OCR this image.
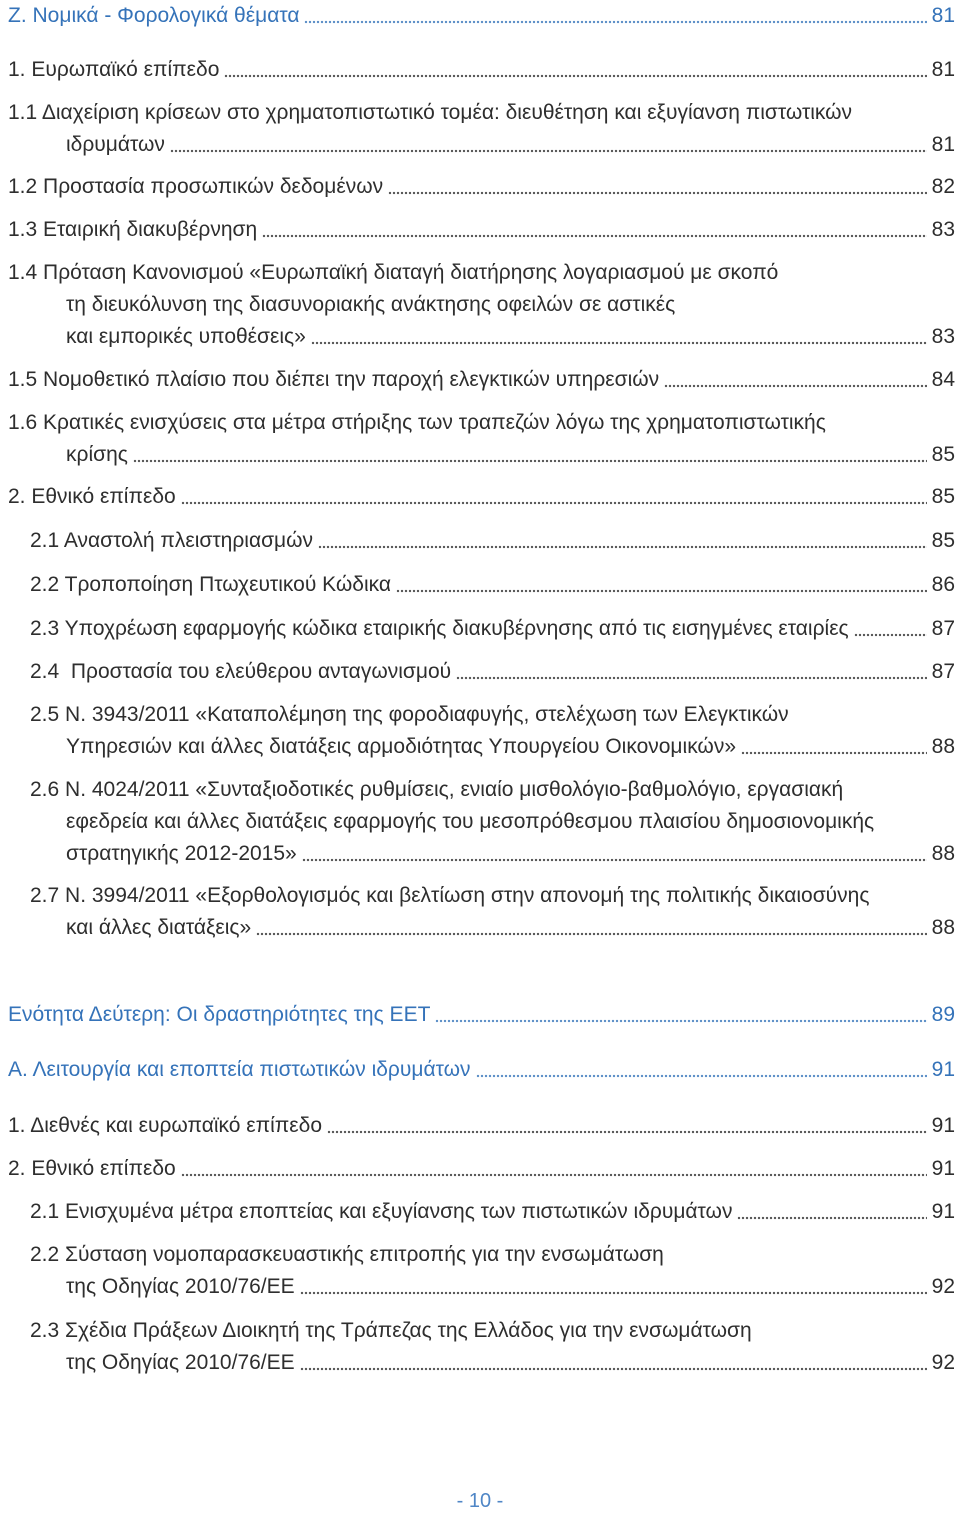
Ζ. Νομικά - Φορολογικά θέματα	81
1. Ευρωπαϊκό επίπεδο	81
1.1 Διαχείριση κρίσεων στο χρηματοπιστωτικό τομέα: διευθέτηση και εξυγίανση πιστωτικών
ιδρυμάτων	81
1.2 Προστασία προσωπικών δεδομένων	82
1.3 Εταιρική διακυβέρνηση	83
1.4 Πρόταση Κανονισμού «Ευρωπαϊκή διαταγή διατήρησης λογαριασμού με σκοπό
τη διευκόλυνση της διασυνοριακής ανάκτησης οφειλών σε αστικές
και εμπορικές υποθέσεις»	83
1.5 Νομοθετικό πλαίσιο που διέπει την παροχή ελεγκτικών υπηρεσιών	84
1.6 Κρατικές ενισχύσεις στα μέτρα στήριξης των τραπεζών λόγω της χρηματοπιστωτικής
κρίσης	85
2. Εθνικό επίπεδο	85
2.1 Αναστολή πλειστηριασμών	85
2.2 Τροποποίηση Πτωχευτικού Κώδικα	86
2.3 Υποχρέωση εφαρμογής κώδικα εταιρικής διακυβέρνησης από τις εισηγμένες εταιρίες	87
2.4  Προστασία του ελεύθερου ανταγωνισμού	87
2.5 Ν. 3943/2011 «Καταπολέμηση της φοροδιαφυγής, στελέχωση των Ελεγκτικών
Υπηρεσιών και άλλες διατάξεις αρμοδιότητας Υπουργείου Οικονομικών»	88
2.6 Ν. 4024/2011 «Συνταξιοδοτικές ρυθμίσεις, ενιαίο μισθολόγιο-βαθμολόγιο, εργασιακή
εφεδρεία και άλλες διατάξεις εφαρμογής του μεσοπρόθεσμου πλαισίου δημοσιονομικής
στρατηγικής 2012-2015»	88
2.7 Ν. 3994/2011 «Εξορθολογισμός και βελτίωση στην απονομή της πολιτικής δικαιοσύνης
και άλλες διατάξεις»	88
Ενότητα Δεύτερη: Οι δραστηριότητες της ΕΕΤ	89
Α. Λειτουργία και εποπτεία πιστωτικών ιδρυμάτων	91
1. Διεθνές και ευρωπαϊκό επίπεδο	91
2. Εθνικό επίπεδο	91
2.1 Ενισχυμένα μέτρα εποπτείας και εξυγίανσης των πιστωτικών ιδρυμάτων	91
2.2 Σύσταση νομοπαρασκευαστικής επιτροπής για την ενσωμάτωση
της Οδηγίας 2010/76/ΕΕ	92
2.3 Σχέδια Πράξεων Διοικητή της Τράπεζας της Ελλάδος για την ενσωμάτωση
της Οδηγίας 2010/76/ΕΕ	92
- 10 -
